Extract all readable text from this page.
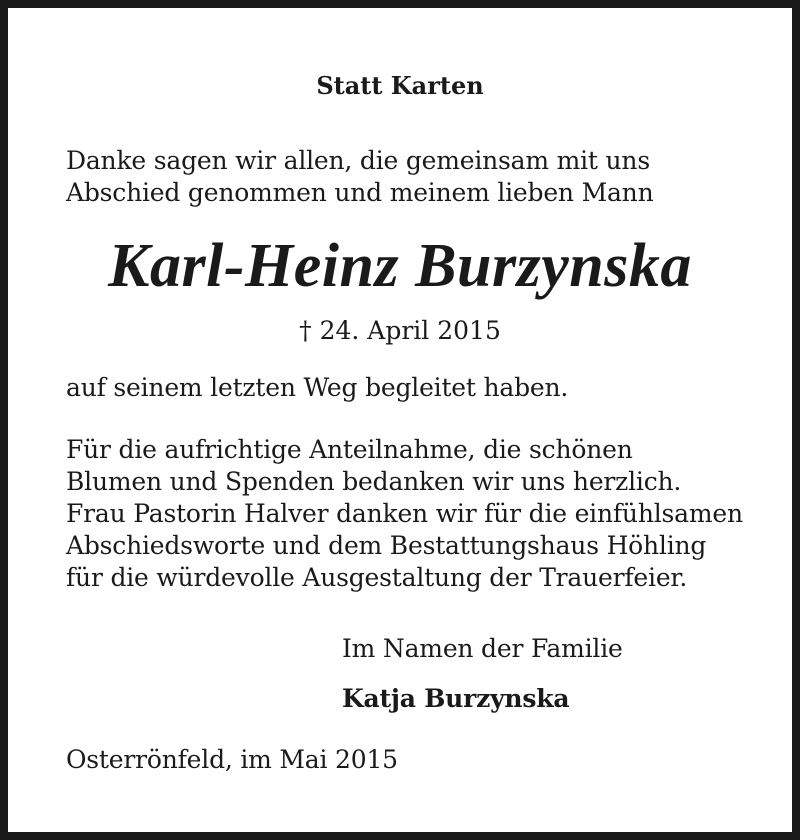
Statt Karten
Danke sagen wir allen, die gemeinsam mit uns
Abschied genommen und meinem lieben Mann
Karl-Heinz Burzynska
† 24. April 2015
auf seinem letzten Weg begleitet haben.
Für die aufrichtige Anteilnahme, die schönen
Blumen und Spenden bedanken wir uns herzlich.
Frau Pastorin Halver danken wir für die einfühlsamen
Abschiedsworte und dem Bestattungshaus Höhling
für die würdevolle Ausgestaltung der Trauerfeier.
Im Namen der Familie
Katja Burzynska
Osterrönfeld, im Mai 2015
